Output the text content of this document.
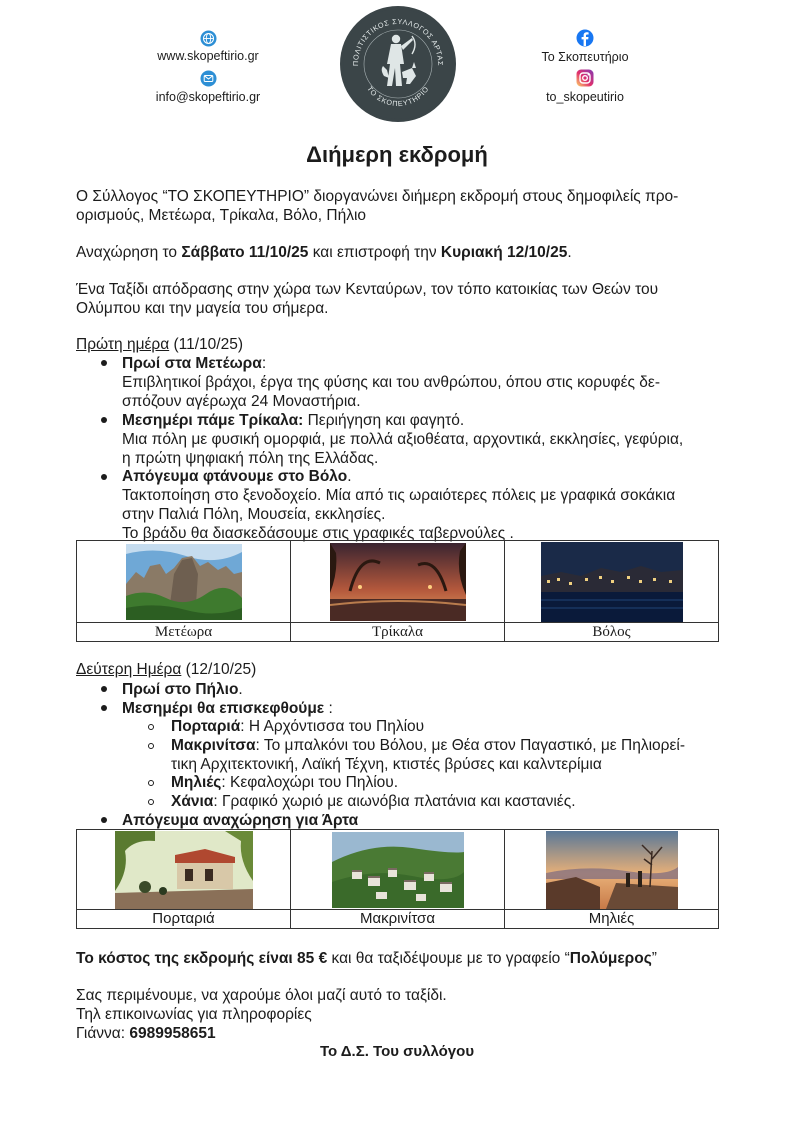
www.skopeftirio.gr
info@skopeftirio.gr
ΠΟΛΙΤΙΣΤΙΚΟΣ ΣΥΛΛΟΓΟΣ ΑΡΤΑΣ
ΤΟ ΣΚΟΠΕΥΤΗΡΙΟ
Το Σκοπευτήριο
to_skopeutirio
Διήμερη εκδρομή
Ο Σύλλογος “ΤΟ ΣΚΟΠΕΥΤΗΡΙΟ” διοργανώνει διήμερη εκδρομή στους δημοφιλείς προ-
ορισμούς, Μετέωρα, Τρίκαλα, Βόλο, Πήλιο
Αναχώρηση το Σάββατο 11/10/25 και επιστροφή την Κυριακή 12/10/25.
Ένα Ταξίδι απόδρασης στην χώρα των Κενταύρων, τον τόπο κατοικίας των Θεών του
Ολύμπου και την μαγεία του σήμερα.
Πρώτη ημέρα (11/10/25)
Πρωί στα Μετέωρα:
Επιβλητικοί βράχοι, έργα της φύσης και του ανθρώπου, όπου στις κορυφές δε-
σπόζουν αγέρωχα 24 Μοναστήρια.
Μεσημέρι πάμε Τρίκαλα: Περιήγηση και φαγητό.
Μια πόλη με φυσική ομορφιά, με πολλά αξιοθέατα, αρχοντικά, εκκλησίες, γεφύρια,
η πρώτη ψηφιακή πόλη της Ελλάδας.
Απόγευμα φτάνουμε στο Βόλο.
Τακτοποίηση στο ξενοδοχείο. Μία από τις ωραιότερες πόλεις με γραφικά σοκάκια
στην Παλιά Πόλη, Μουσεία, εκκλησίες.
Το βράδυ θα διασκεδάσουμε στις γραφικές ταβερνούλες .

Μετέωρα	Τρίκαλα	Βόλος
Δεύτερη Ημέρα (12/10/25)
Πρωί στο Πήλιο.
Μεσημέρι θα επισκεφθούμε :
Πορταριά: Η Αρχόντισσα του Πηλίου
Μακρινίτσα: Το μπαλκόνι του Βόλου, με Θέα στον Παγαστικό, με Πηλιορεί-
τικη Αρχιτεκτονική, Λαϊκή Τέχνη, κτιστές βρύσες και καλντερίμια
Μηλιές: Κεφαλοχώρι του Πηλίου.
Χάνια: Γραφικό χωριό με αιωνόβια πλατάνια και καστανιές.
Απόγευμα αναχώρηση για Άρτα

Πορταριά	Μακρινίτσα	Μηλιές
Το κόστος της εκδρομής είναι 85 € και θα ταξιδέψουμε με το γραφείο “Πολύμερος”
Σας περιμένουμε, να χαρούμε όλοι μαζί αυτό το ταξίδι.
Τηλ επικοινωνίας για πληροφορίες
Γιάννα: 6989958651
Το Δ.Σ. Του συλλόγου
